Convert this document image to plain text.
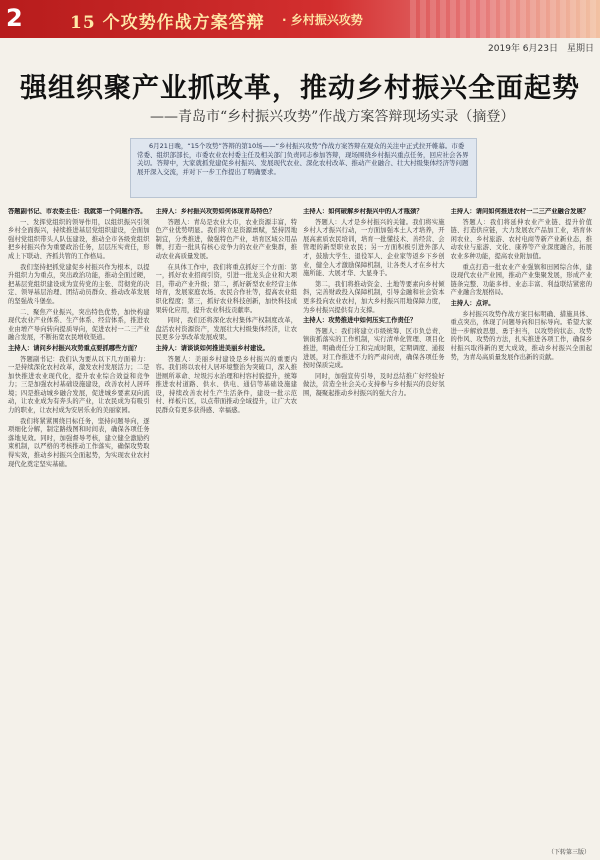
2	15 个攻势作战方案答辩 · 乡村振兴攻势
2019年 6月23日　星期日
强组织聚产业抓改革，推动乡村振兴全面起势
——青岛市“乡村振兴攻势”作战方案答辩现场实录（摘登）
6月21日晚，“15个攻势”答辩的第10场——“乡村振兴攻势”作战方案答辩在观众的关注中正式拉开帷幕。市委常委、组织部部长，市委农业农村委主任及相关部门负责同志参加答辩，现场围绕乡村振兴重点任务，回应社会各界关切。答辩中，大家就抓党建促乡村振兴、发展现代农业、深化农村改革、推动产业融合、壮大村级集体经济等问题展开深入交流，并对下一步工作提出了明确要求。

答题副书记、市农委主任：我就第一个问题作答。

一、发挥党组织的领导作用，以组织振兴引领乡村全面振兴，持续推进基层党组织建设，全面加强村党组织带头人队伍建设，推动全市各级党组织把乡村振兴作为重要政治任务，层层压实责任，形成上下联动、齐抓共管的工作格局。

我们坚持把抓党建促乡村振兴作为根本，以提升组织力为重点，突出政治功能，推动全面过硬，把基层党组织建设成为宣传党的主张、贯彻党的决定、领导基层治理、团结动员群众、推动改革发展的坚强战斗堡垒。

二、聚焦产业振兴，突出特色优势，加快构建现代农业产业体系、生产体系、经营体系，推进农业由增产导向转向提质导向，促进农村一二三产业融合发展，不断拓宽农民增收渠道。

主持人：请问乡村振兴攻势重点要抓哪些方面？

答题副书记：我们认为要从以下几方面着力：一是持续深化农村改革，激发农村发展活力；二是加快推进农业现代化，提升农业综合效益和竞争力；三是加强农村基础设施建设，改善农村人居环境；四是推动城乡融合发展，促进城乡要素双向流动，让农业成为有奔头的产业，让农民成为有吸引力的职业，让农村成为安居乐业的美丽家园。

我们将紧紧围绕目标任务，坚持问题导向，逐项细化分解，制定路线图和时间表，确保各项任务落地见效。同时，加强督导考核，建立健全激励约束机制，以严格的考核推动工作落实，确保攻势取得实效，推动乡村振兴全面起势，为实现农业农村现代化奠定坚实基础。

主持人：乡村振兴攻势如何体现青岛特色？

答题人：青岛是农业大市，农业资源丰富，特色产业优势明显。我们将立足资源禀赋，坚持因地制宜，分类推进，做强特色产业，培育区域公用品牌，打造一批具有核心竞争力的农业产业集群，推动农业高质量发展。

在具体工作中，我们将重点抓好三个方面：第一，抓好农业招商引资，引进一批龙头企业和大项目，带动产业升级；第二，抓好新型农业经营主体培育，发展家庭农场、农民合作社等，提高农业组织化程度；第三，抓好农业科技创新，加快科技成果转化应用，提升农业科技贡献率。

同时，我们还将深化农村集体产权制度改革，盘活农村资源资产，发展壮大村级集体经济，让农民更多分享改革发展成果。

主持人：请谈谈如何推进美丽乡村建设。

答题人：美丽乡村建设是乡村振兴的重要内容。我们将以农村人居环境整治为突破口，深入推进厕所革命、垃圾污水治理和村容村貌提升，统筹推进农村道路、供水、供电、通信等基础设施建设，持续改善农村生产生活条件，建设一批示范村、样板片区，以点带面推动全域提升，让广大农民群众有更多获得感、幸福感。

主持人：如何破解乡村振兴中的人才瓶颈？

答题人：人才是乡村振兴的关键。我们将实施乡村人才振兴行动，一方面加强本土人才培养，开展高素质农民培训，培育一批懂技术、善经营、会管理的新型职业农民；另一方面积极引进外部人才，鼓励大学生、退役军人、企业家等返乡下乡创业，健全人才激励保障机制，让各类人才在乡村大施所能、大展才华、大显身手。

第二，我们将推动资金、土地等要素向乡村倾斜，完善财政投入保障机制，引导金融和社会资本更多投向农业农村，加大乡村振兴用地保障力度，为乡村振兴提供有力支撑。

主持人：攻势推进中如何压实工作责任？

答题人：我们将建立市级统筹、区市负总责、镇街抓落实的工作机制，实行清单化管理、项目化推进，明确责任分工和完成时限，定期调度、通报进展，对工作推进不力的严肃问责，确保各项任务按时保质完成。

同时，加强宣传引导，及时总结推广好经验好做法，营造全社会关心支持参与乡村振兴的良好氛围，凝聚起推动乡村振兴的强大合力。

主持人：请问如何推进农村一二三产业融合发展？

答题人：我们将延伸农业产业链、提升价值链、打造供应链，大力发展农产品加工业，培育休闲农业、乡村旅游、农村电商等新产业新业态，推动农业与旅游、文化、康养等产业深度融合，拓展农业多种功能，提高农业附加值。

重点打造一批农业产业强镇和田园综合体，建设现代农业产业园，推动产业集聚发展，形成产业链条完整、功能多样、业态丰富、利益联结紧密的产业融合发展格局。

主持人：点评。

乡村振兴攻势作战方案目标明确、措施具体、重点突出，体现了问题导向和目标导向。希望大家进一步解放思想、勇于担当，以攻势的状态、攻势的作风、攻势的方法，扎实推进各项工作，确保乡村振兴取得新的更大成效，推动乡村振兴全面起势，为青岛高质量发展作出新的贡献。

（下转第三版）
